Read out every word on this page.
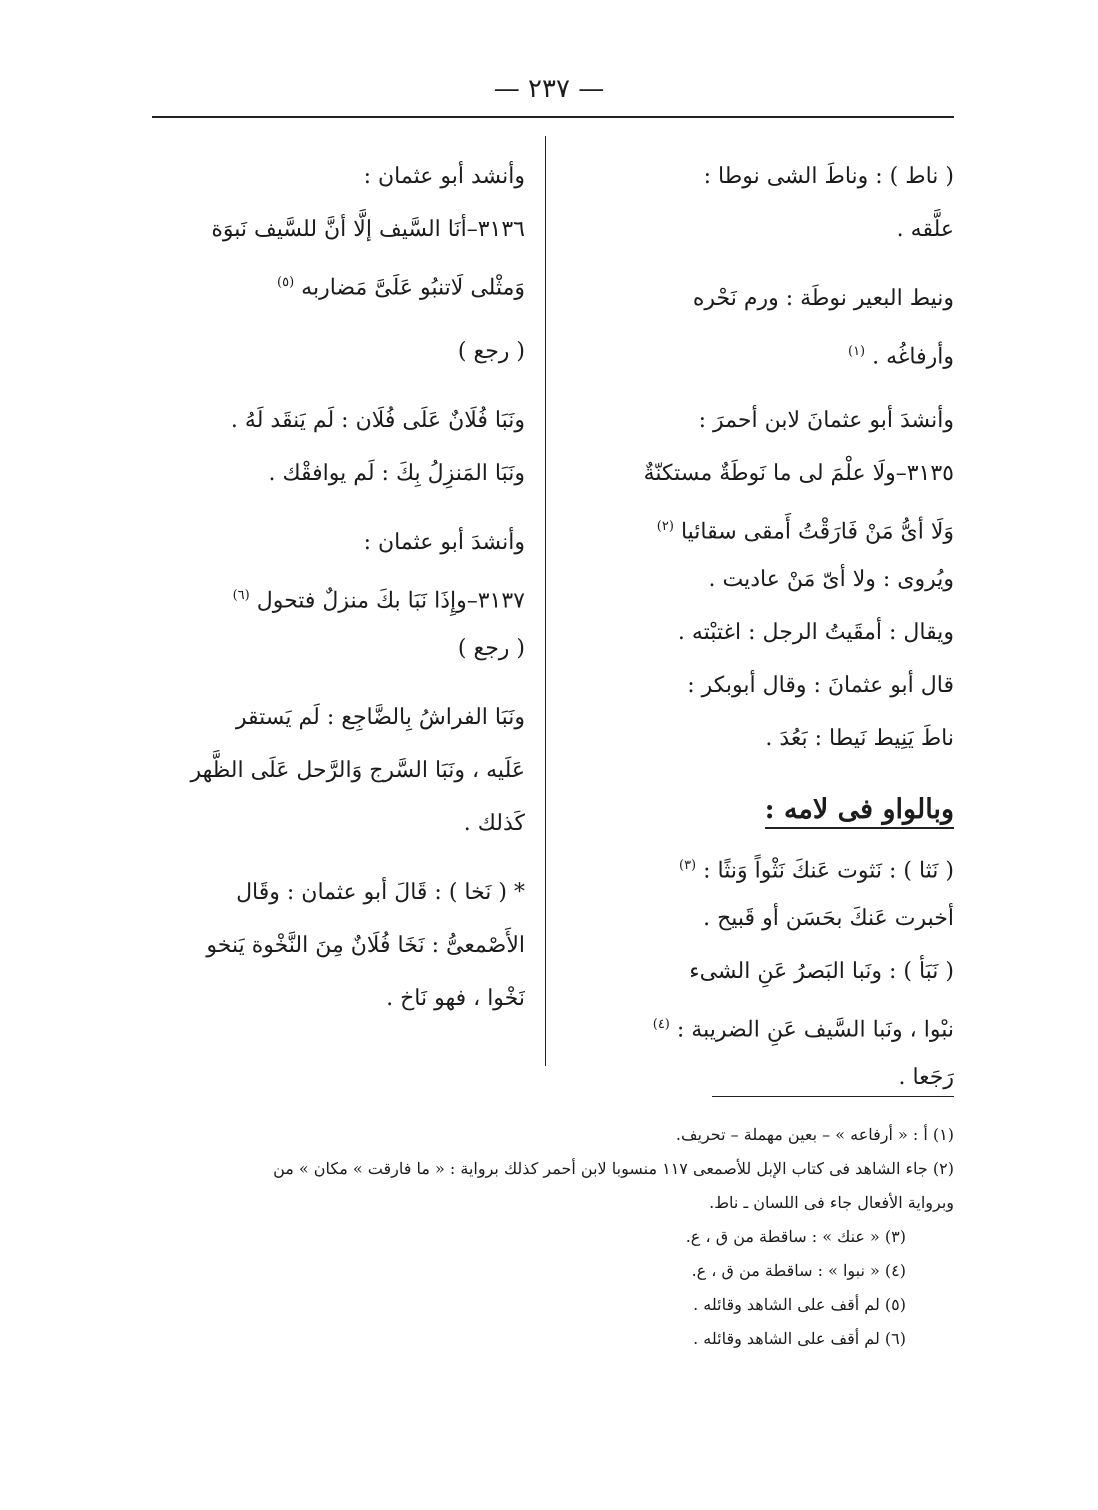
— ٢٣٧ —
( ناط ) : وناطَ الشى نوطا :
علَّقه .
ونيط البعير نوطَة : ورم نَحْره
وأرفاغُه . $^{(١)}$
وأنشدَ أبو عثمانَ لابن أحمرَ :
٣١٣٥–ولَا علْمَ لى ما نَوطَةٌ مستكنّةٌ
وَلَا أىُّ مَنْ فَارَقْتُ أَمقى سقائيا $^{(٢)}$
ويُروى : ولا أىّ مَنْ عاديت .
ويقال : أمقَيتُ الرجل : اغتبْته .
قال أبو عثمانَ : وقال أبوبكر :
ناطَ يَنِيط نَيطا : بَعُدَ .
وبالواو فى لامه :
( نَثا ) : نَثوت عَنكَ نَثْواً وَنثًا : $^{(٣)}$
أخبرت عَنكَ بحَسَن أو قَبيح .
( نَبَأ ) : ونَبا البَصرُ عَنِ الشىء
نبْوا ، ونَبا السَّيف عَنِ الضريبة : $^{(٤)}$
رَجَعا .
وأنشد أبو عثمان :
٣١٣٦–أنَا السَّيف إلَّا أنَّ للسَّيف نَبوَة
وَمثْلى لَاتنبُو عَلَىَّ مَضاربه $^{(٥)}$
( رجع )
ونَبَا فُلَانٌ عَلَى فُلَان : لَم يَنقَد لَهُ .
ونَبَا المَنزِلُ بِكَ : لَم يوافقْك .
وأنشدَ أبو عثمان :
٣١٣٧–وإِذَا نَبَا بكَ منزلٌ فتحول $^{(٦)}$
( رجع )
ونَبَا الفراشُ بِالضَّاجِع : لَم يَستقر
عَلَيه ، ونَبَا السَّرج وَالرَّحل عَلَى الظَّهر
كَذلك .
* ( نَخا ) : قَالَ أبو عثمان : وقَال
الأَصْمعىُّ : نَخَا فُلَانٌ مِنَ النَّخْوة يَنخو
نَخْوا ، فهو نَاخ .
(١) أ : « أرفاعه » – بعين مهملة – تحريف.
(٢) جاء الشاهد فى كتاب الإبل للأصمعى ١١٧ منسوبا لابن أحمر كذلك برواية : « ما فارقت » مكان » من
وبرواية الأفعال جاء فى اللسان ـ ناط.
(٣) « عنك » : ساقطة من ق ، ع.
(٤) « نبوا » : ساقطة من ق ، ع.
(٥) لم أقف على الشاهد وقائله .
(٦) لم أقف على الشاهد وقائله .
